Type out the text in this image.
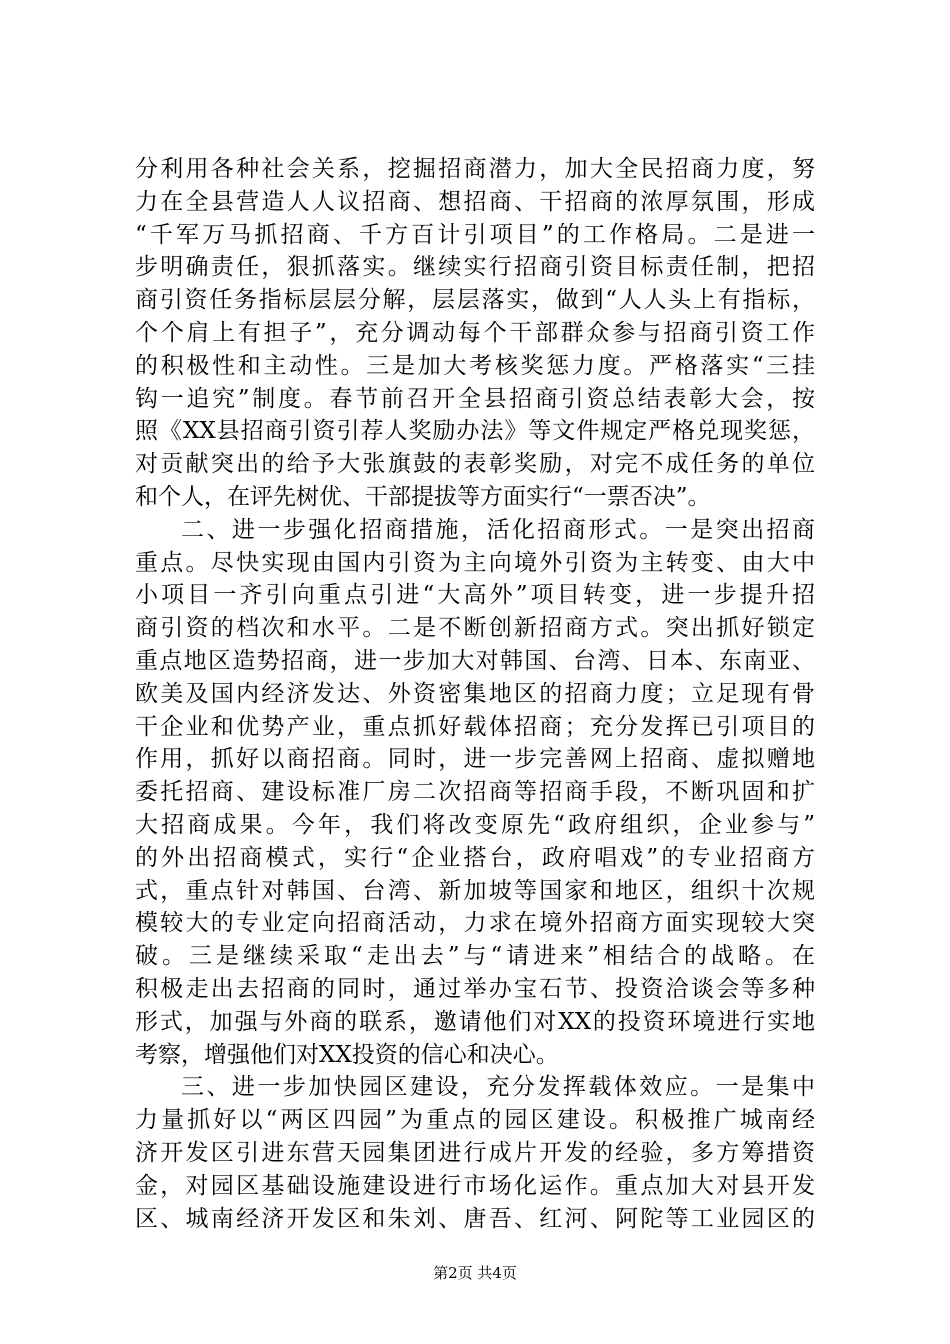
分利用各种社会关系，挖掘招商潜力，加大全民招商力度，努
力在全县营造人人议招商、想招商、干招商的浓厚氛围，形成
“千军万马抓招商、千方百计引项目”的工作格局。二是进一
步明确责任，狠抓落实。继续实行招商引资目标责任制，把招
商引资任务指标层层分解，层层落实，做到“人人头上有指标，
个个肩上有担子”，充分调动每个干部群众参与招商引资工作
的积极性和主动性。三是加大考核奖惩力度。严格落实“三挂
钩一追究”制度。春节前召开全县招商引资总结表彰大会，按
照《XX县招商引资引荐人奖励办法》等文件规定严格兑现奖惩，
对贡献突出的给予大张旗鼓的表彰奖励，对完不成任务的单位
和个人，在评先树优、干部提拔等方面实行“一票否决”。
二、进一步强化招商措施，活化招商形式。一是突出招商
重点。尽快实现由国内引资为主向境外引资为主转变、由大中
小项目一齐引向重点引进“大高外”项目转变，进一步提升招
商引资的档次和水平。二是不断创新招商方式。突出抓好锁定
重点地区造势招商，进一步加大对韩国、台湾、日本、东南亚、
欧美及国内经济发达、外资密集地区的招商力度；立足现有骨
干企业和优势产业，重点抓好载体招商；充分发挥已引项目的
作用，抓好以商招商。同时，进一步完善网上招商、虚拟赠地
委托招商、建设标准厂房二次招商等招商手段，不断巩固和扩
大招商成果。今年，我们将改变原先“政府组织，企业参与”
的外出招商模式，实行“企业搭台，政府唱戏”的专业招商方
式，重点针对韩国、台湾、新加坡等国家和地区，组织十次规
模较大的专业定向招商活动，力求在境外招商方面实现较大突
破。三是继续采取“走出去”与“请进来”相结合的战略。在
积极走出去招商的同时，通过举办宝石节、投资洽谈会等多种
形式，加强与外商的联系，邀请他们对XX的投资环境进行实地
考察，增强他们对XX投资的信心和决心。
三、进一步加快园区建设，充分发挥载体效应。一是集中
力量抓好以“两区四园”为重点的园区建设。积极推广城南经
济开发区引进东营天园集团进行成片开发的经验，多方筹措资
金，对园区基础设施建设进行市场化运作。重点加大对县开发
区、城南经济开发区和朱刘、唐吾、红河、阿陀等工业园区的
第2页 共4页
